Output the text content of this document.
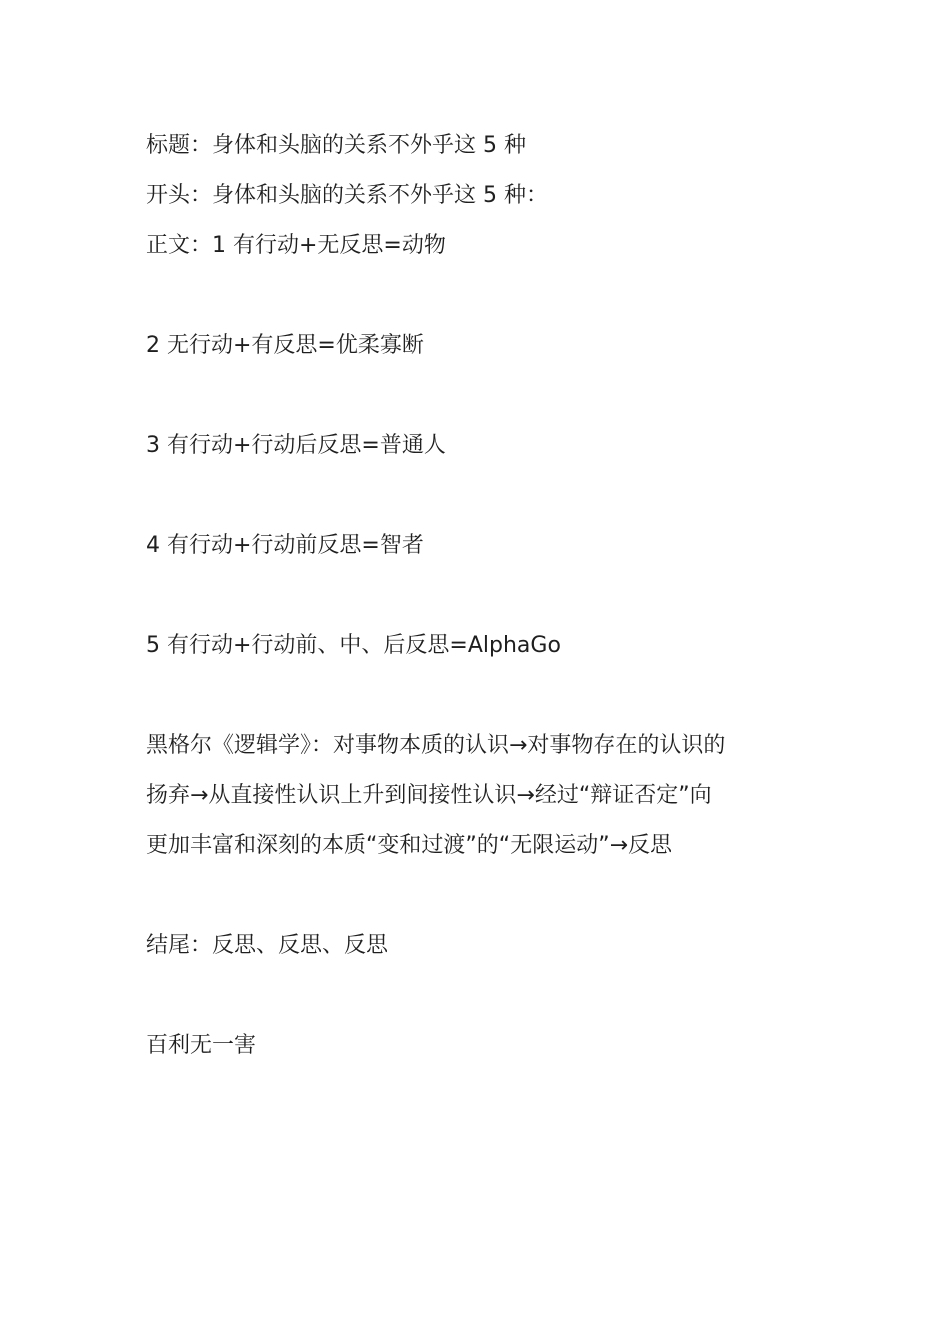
标题：身体和头脑的关系不外乎这 5 种

开头：身体和头脑的关系不外乎这 5 种：

正文：1 有行动+无反思=动物

2 无行动+有反思=优柔寡断

3 有行动+行动后反思=普通人

4 有行动+行动前反思=智者

5 有行动+行动前、中、后反思=AlphaGo

黑格尔《逻辑学》：对事物本质的认识→对事物存在的认识的

扬弃→从直接性认识上升到间接性认识→经过“辩证否定”向

更加丰富和深刻的本质“变和过渡”的“无限运动”→反思

结尾：反思、反思、反思

百利无一害
